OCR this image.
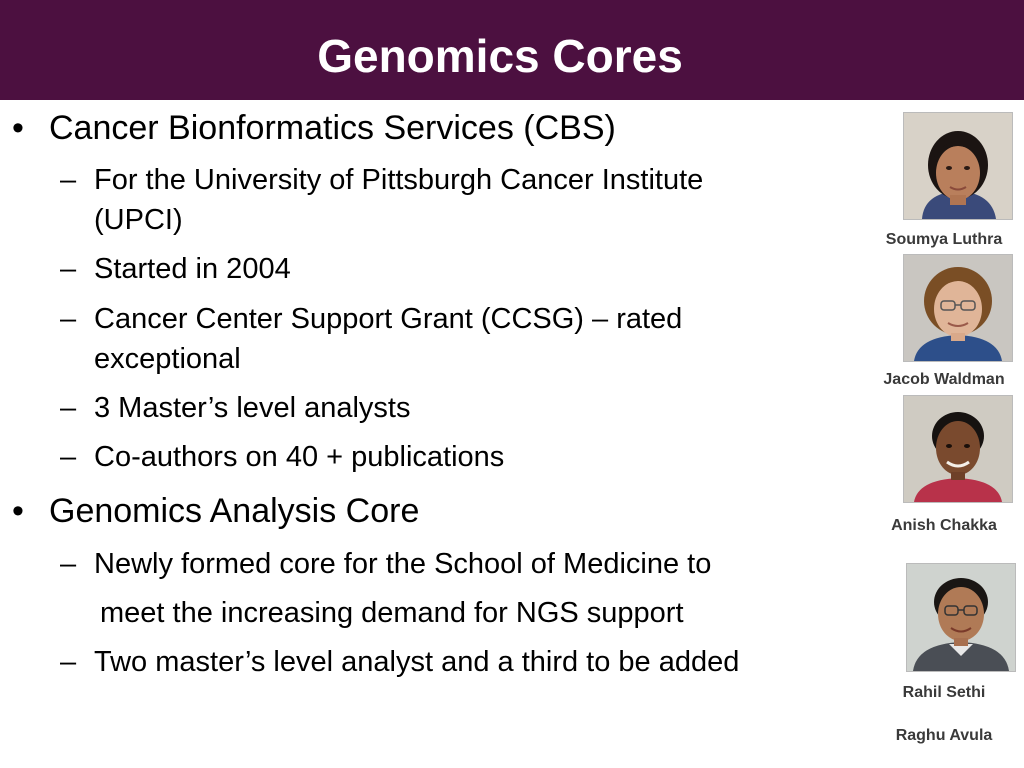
Genomics Cores
• Cancer Bionformatics Services (CBS)
– For the University of Pittsburgh Cancer Institute
(UPCI)
– Started in 2004
– Cancer Center Support Grant (CCSG) – rated
exceptional
– 3 Master’s level analysts
– Co-authors on 40 + publications
• Genomics Analysis Core
– Newly formed core for the School of Medicine to
meet the increasing demand for NGS support
– Two master’s level analyst and a third to be added
Soumya Luthra
Jacob Waldman
Anish Chakka
Rahil Sethi
Raghu Avula
